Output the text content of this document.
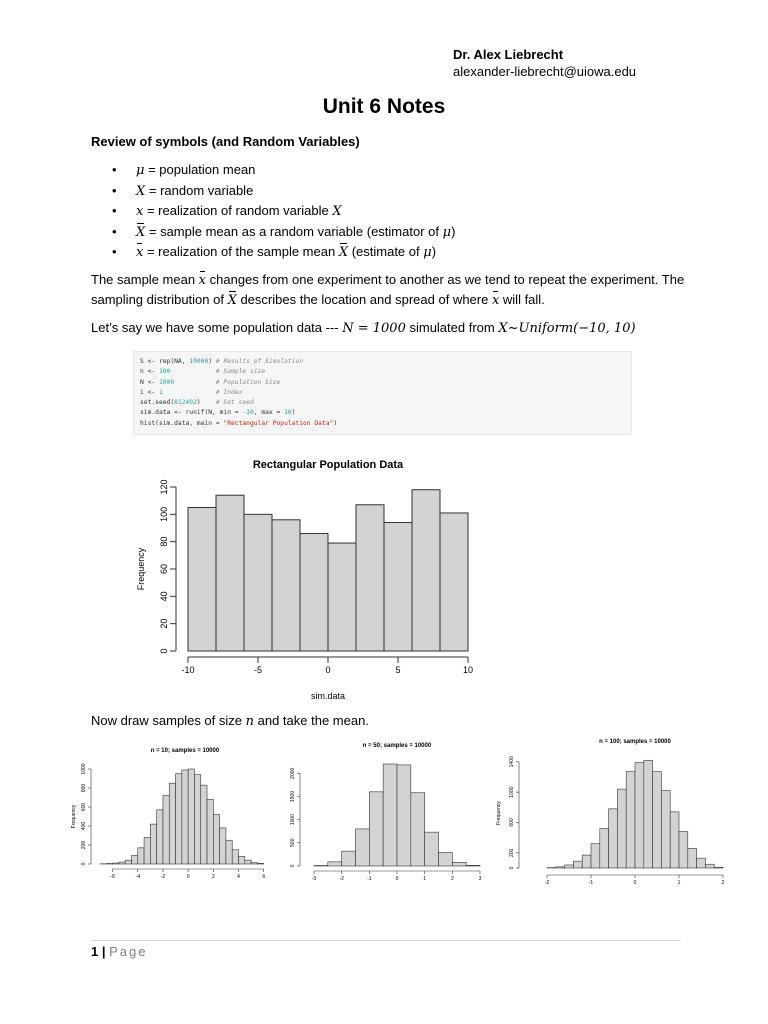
Dr. Alex Liebrecht
alexander-liebrecht@uiowa.edu
Unit 6 Notes
Review of symbols (and Random Variables)
• μ = population mean
• X = random variable
• x = realization of random variable X
• X = sample mean as a random variable (estimator of μ)
• x = realization of the sample mean X (estimate of μ)
The sample mean x changes from one experiment to another as we tend to repeat the experiment. The
sampling distribution of X describes the location and spread of where x will fall.
Let’s say we have some population data --- N = 1000 simulated from X~Uniform(−10, 10)
S <- rep(NA, 10000) # Results of Simulation
n <- 100	# Sample size
N <- 1000	# Population Size
i <- 1	# Index
set.seed(812492)    # Set seed
sim.data <- runif(N, min = -10, max = 10)
hist(sim.data, main = "Rectangular Population Data")
-10	-5	0	5	10
0
20
40
60
80
100
120
Rectangular Population Data
sim.data
Frequency
Now draw samples of size n and take the mean.
-6	-4	-2	0	2	4	6
0
200
400
600
800
1000
n = 10; samples = 10000
Frequency
-3	-2	-1	0	1	2	3
0
500
1000
1500
2000
n = 50; samples = 10000
-2	-1	0	1	2
0
200
600
1000
1400
n = 100; samples = 10000
Frequency
1 | Page
